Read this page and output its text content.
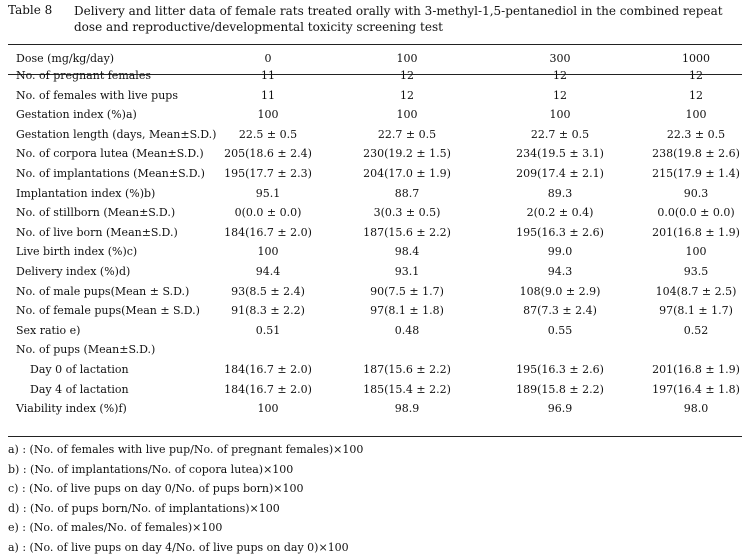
Table 8 Delivery and litter data of female rats treated orally with 3-methyl-1,5-pentanediol in the combined repeat dose and reproductive/developmental toxicity screening test
Dose (mg/kg/day)	0	100	300	1000
No. of pregnant females	11	12	12	12
No. of females with live pups	11	12	12	12
Gestation index (%)a)	100	100	100	100
Gestation length (days, Mean±S.D.)	22.5 ± 0.5	22.7 ± 0.5	22.7 ± 0.5	22.3 ± 0.5
No. of corpora lutea (Mean±S.D.)	205(18.6 ± 2.4)	230(19.2 ± 1.5)	234(19.5 ± 3.1)	238(19.8 ± 2.6)
No. of implantations (Mean±S.D.)	195(17.7 ± 2.3)	204(17.0 ± 1.9)	209(17.4 ± 2.1)	215(17.9 ± 1.4)
Implantation index (%)b)	95.1	88.7	89.3	90.3
No. of stillborn (Mean±S.D.)	0(0.0 ± 0.0)	3(0.3 ± 0.5)	2(0.2 ± 0.4)	0.0(0.0 ± 0.0)
No. of live born (Mean±S.D.)	184(16.7 ± 2.0)	187(15.6 ± 2.2)	195(16.3 ± 2.6)	201(16.8 ± 1.9)
Live birth index (%)c)	100	98.4	99.0	100
Delivery index (%)d)	94.4	93.1	94.3	93.5
No. of male pups(Mean ± S.D.)	93(8.5 ± 2.4)	90(7.5 ± 1.7)	108(9.0 ± 2.9)	104(8.7 ± 2.5)
No. of female pups(Mean ± S.D.)	91(8.3 ± 2.2)	97(8.1 ± 1.8)	87(7.3 ± 2.4)	97(8.1 ± 1.7)
Sex ratio e)	0.51	0.48	0.55	0.52
No. of pups (Mean±S.D.)
Day 0 of lactation	184(16.7 ± 2.0)	187(15.6 ± 2.2)	195(16.3 ± 2.6)	201(16.8 ± 1.9)
Day 4 of lactation	184(16.7 ± 2.0)	185(15.4 ± 2.2)	189(15.8 ± 2.2)	197(16.4 ± 1.8)
Viability index (%)f)	100	98.9	96.9	98.0
a) : (No. of females with live pup/No. of pregnant females)×100
b) : (No. of implantations/No. of copora lutea)×100
c) : (No. of live pups on day 0/No. of pups born)×100
d) : (No. of pups born/No. of implantations)×100
e) : (No. of males/No. of females)×100
a) : (No. of live pups on day 4/No. of live pups on day 0)×100
